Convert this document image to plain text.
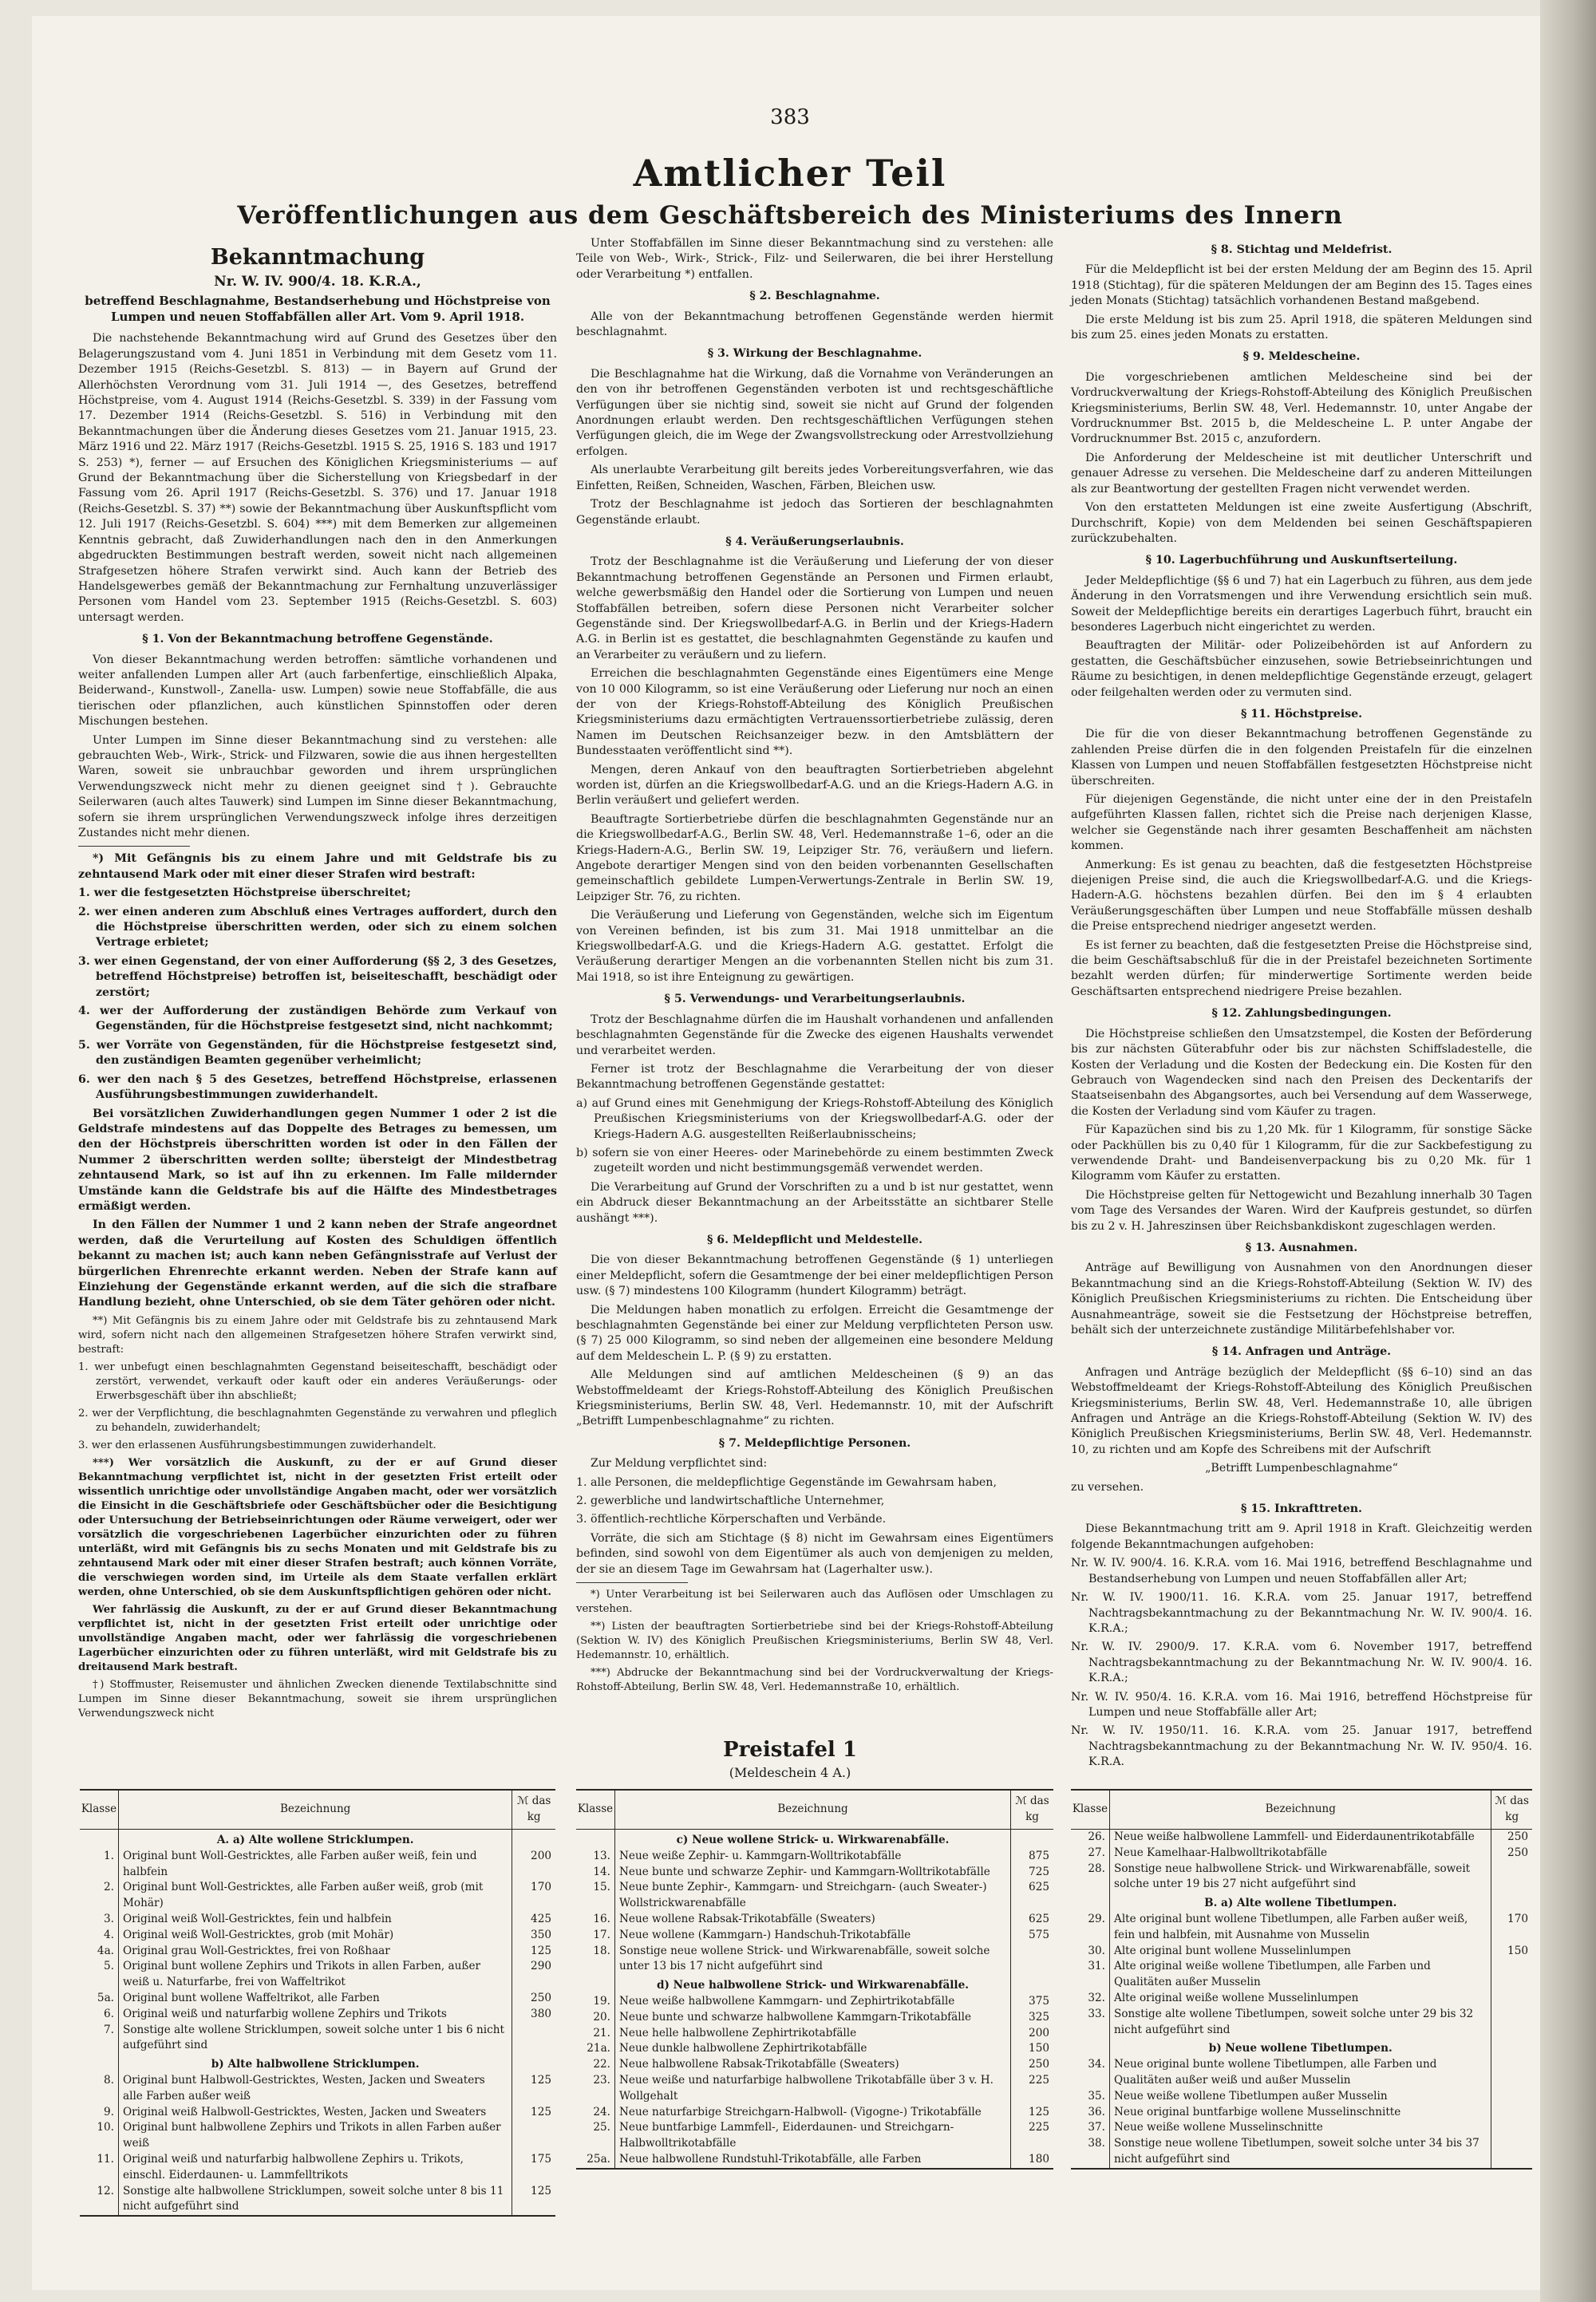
383
Amtlicher Teil
Veröffentlichungen aus dem Geschäftsbereich des Ministeriums des Innern
Bekanntmachung
Nr. W. IV. 900/4. 18. K.R.A.,
betreffend Beschlagnahme, Bestandserhebung und Höchstpreise von Lumpen und neuen Stoffabfällen aller Art. Vom 9. April 1918.

Die nachstehende Bekanntmachung wird auf Grund des Gesetzes über den Belagerungszustand vom 4. Juni 1851 in Verbindung mit dem Gesetz vom 11. Dezember 1915 (Reichs-Gesetzbl. S. 813) — in Bayern auf Grund der Allerhöchsten Verordnung vom 31. Juli 1914 —, des Gesetzes, betreffend Höchstpreise, vom 4. August 1914 (Reichs-Gesetzbl. S. 339) in der Fassung vom 17. Dezember 1914 (Reichs-Gesetzbl. S. 516) in Verbindung mit den Bekanntmachungen über die Änderung dieses Gesetzes vom 21. Januar 1915, 23. März 1916 und 22. März 1917 (Reichs-Gesetzbl. 1915 S. 25, 1916 S. 183 und 1917 S. 253) *), ferner — auf Ersuchen des Königlichen Kriegsministeriums — auf Grund der Bekanntmachung über die Sicherstellung von Kriegsbedarf in der Fassung vom 26. April 1917 (Reichs-Gesetzbl. S. 376) und 17. Januar 1918 (Reichs-Gesetzbl. S. 37) **) sowie der Bekanntmachung über Auskunftspflicht vom 12. Juli 1917 (Reichs-Gesetzbl. S. 604) ***) mit dem Bemerken zur allgemeinen Kenntnis gebracht, daß Zuwiderhandlungen nach den in den Anmerkungen abgedruckten Bestimmungen bestraft werden, soweit nicht nach allgemeinen Strafgesetzen höhere Strafen verwirkt sind. Auch kann der Betrieb des Handelsgewerbes gemäß der Bekanntmachung zur Fernhaltung unzuverlässiger Personen vom Handel vom 23. September 1915 (Reichs-Gesetzbl. S. 603) untersagt werden.

§ 1. Von der Bekanntmachung betroffene Gegenstände.

Von dieser Bekanntmachung werden betroffen: sämtliche vorhandenen und weiter anfallenden Lumpen aller Art (auch farbenfertige, einschließlich Alpaka, Beiderwand-, Kunstwoll-, Zanella- usw. Lumpen) sowie neue Stoffabfälle, die aus tierischen oder pflanzlichen, auch künstlichen Spinnstoffen oder deren Mischungen bestehen.

Unter Lumpen im Sinne dieser Bekanntmachung sind zu verstehen: alle gebrauchten Web-, Wirk-, Strick- und Filzwaren, sowie die aus ihnen hergestellten Waren, soweit sie unbrauchbar geworden und ihrem ursprünglichen Verwendungszweck nicht mehr zu dienen geeignet sind †). Gebrauchte Seilerwaren (auch altes Tauwerk) sind Lumpen im Sinne dieser Bekanntmachung, sofern sie ihrem ursprünglichen Verwendungszweck infolge ihres derzeitigen Zustandes nicht mehr dienen.

*) Mit Gefängnis bis zu einem Jahre und mit Geldstrafe bis zu zehntausend Mark oder mit einer dieser Strafen wird bestraft:

1. wer die festgesetzten Höchstpreise überschreitet;

2. wer einen anderen zum Abschluß eines Vertrages auffordert, durch den die Höchstpreise überschritten werden, oder sich zu einem solchen Vertrage erbietet;

3. wer einen Gegenstand, der von einer Aufforderung (§§ 2, 3 des Gesetzes, betreffend Höchstpreise) betroffen ist, beiseiteschafft, beschädigt oder zerstört;

4. wer der Aufforderung der zuständigen Behörde zum Verkauf von Gegenständen, für die Höchstpreise festgesetzt sind, nicht nachkommt;

5. wer Vorräte von Gegenständen, für die Höchstpreise festgesetzt sind, den zuständigen Beamten gegenüber verheimlicht;

6. wer den nach § 5 des Gesetzes, betreffend Höchstpreise, erlassenen Ausführungsbestimmungen zuwiderhandelt.

Bei vorsätzlichen Zuwiderhandlungen gegen Nummer 1 oder 2 ist die Geldstrafe mindestens auf das Doppelte des Betrages zu bemessen, um den der Höchstpreis überschritten worden ist oder in den Fällen der Nummer 2 überschritten werden sollte; übersteigt der Mindestbetrag zehntausend Mark, so ist auf ihn zu erkennen. Im Falle mildernder Umstände kann die Geldstrafe bis auf die Hälfte des Mindestbetrages ermäßigt werden.

In den Fällen der Nummer 1 und 2 kann neben der Strafe angeordnet werden, daß die Verurteilung auf Kosten des Schuldigen öffentlich bekannt zu machen ist; auch kann neben Gefängnisstrafe auf Verlust der bürgerlichen Ehrenrechte erkannt werden. Neben der Strafe kann auf Einziehung der Gegenstände erkannt werden, auf die sich die strafbare Handlung bezieht, ohne Unterschied, ob sie dem Täter gehören oder nicht.

**) Mit Gefängnis bis zu einem Jahre oder mit Geldstrafe bis zu zehntausend Mark wird, sofern nicht nach den allgemeinen Strafgesetzen höhere Strafen verwirkt sind, bestraft:

1. wer unbefugt einen beschlagnahmten Gegenstand beiseiteschafft, beschädigt oder zerstört, verwendet, verkauft oder kauft oder ein anderes Veräußerungs- oder Erwerbsgeschäft über ihn abschließt;

2. wer der Verpflichtung, die beschlagnahmten Gegenstände zu verwahren und pfleglich zu behandeln, zuwiderhandelt;

3. wer den erlassenen Ausführungsbestimmungen zuwiderhandelt.

***) Wer vorsätzlich die Auskunft, zu der er auf Grund dieser Bekanntmachung verpflichtet ist, nicht in der gesetzten Frist erteilt oder wissentlich unrichtige oder unvollständige Angaben macht, oder wer vorsätzlich die Einsicht in die Geschäftsbriefe oder Geschäftsbücher oder die Besichtigung oder Untersuchung der Betriebseinrichtungen oder Räume verweigert, oder wer vorsätzlich die vorgeschriebenen Lagerbücher einzurichten oder zu führen unterläßt, wird mit Gefängnis bis zu sechs Monaten und mit Geldstrafe bis zu zehntausend Mark oder mit einer dieser Strafen bestraft; auch können Vorräte, die verschwiegen worden sind, im Urteile als dem Staate verfallen erklärt werden, ohne Unterschied, ob sie dem Auskunftspflichtigen gehören oder nicht.

Wer fahrlässig die Auskunft, zu der er auf Grund dieser Bekanntmachung verpflichtet ist, nicht in der gesetzten Frist erteilt oder unrichtige oder unvollständige Angaben macht, oder wer fahrlässig die vorgeschriebenen Lagerbücher einzurichten oder zu führen unterläßt, wird mit Geldstrafe bis zu dreitausend Mark bestraft.

†) Stoffmuster, Reisemuster und ähnlichen Zwecken dienende Textilabschnitte sind Lumpen im Sinne dieser Bekanntmachung, soweit sie ihrem ursprünglichen Verwendungszweck nicht

Unter Stoffabfällen im Sinne dieser Bekanntmachung sind zu verstehen: alle Teile von Web-, Wirk-, Strick-, Filz- und Seilerwaren, die bei ihrer Herstellung oder Verarbeitung *) entfallen.

§ 2. Beschlagnahme.

Alle von der Bekanntmachung betroffenen Gegenstände werden hiermit beschlagnahmt.

§ 3. Wirkung der Beschlagnahme.

Die Beschlagnahme hat die Wirkung, daß die Vornahme von Veränderungen an den von ihr betroffenen Gegenständen verboten ist und rechtsgeschäftliche Verfügungen über sie nichtig sind, soweit sie nicht auf Grund der folgenden Anordnungen erlaubt werden. Den rechtsgeschäftlichen Verfügungen stehen Verfügungen gleich, die im Wege der Zwangsvollstreckung oder Arrestvollziehung erfolgen.

Als unerlaubte Verarbeitung gilt bereits jedes Vorbereitungsverfahren, wie das Einfetten, Reißen, Schneiden, Waschen, Färben, Bleichen usw.

Trotz der Beschlagnahme ist jedoch das Sortieren der beschlagnahmten Gegenstände erlaubt.

§ 4. Veräußerungserlaubnis.

Trotz der Beschlagnahme ist die Veräußerung und Lieferung der von dieser Bekanntmachung betroffenen Gegenstände an Personen und Firmen erlaubt, welche gewerbsmäßig den Handel oder die Sortierung von Lumpen und neuen Stoffabfällen betreiben, sofern diese Personen nicht Verarbeiter solcher Gegenstände sind. Der Kriegswollbedarf-A.G. in Berlin und der Kriegs-Hadern A.G. in Berlin ist es gestattet, die beschlagnahmten Gegenstände zu kaufen und an Verarbeiter zu veräußern und zu liefern.

Erreichen die beschlagnahmten Gegenstände eines Eigentümers eine Menge von 10 000 Kilogramm, so ist eine Veräußerung oder Lieferung nur noch an einen der von der Kriegs-Rohstoff-Abteilung des Königlich Preußischen Kriegsministeriums dazu ermächtigten Vertrauenssortierbetriebe zulässig, deren Namen im Deutschen Reichsanzeiger bezw. in den Amtsblättern der Bundesstaaten veröffentlicht sind **).

Mengen, deren Ankauf von den beauftragten Sortierbetrieben abgelehnt worden ist, dürfen an die Kriegswollbedarf-A.G. und an die Kriegs-Hadern A.G. in Berlin veräußert und geliefert werden.

Beauftragte Sortierbetriebe dürfen die beschlagnahmten Gegenstände nur an die Kriegswollbedarf-A.G., Berlin SW. 48, Verl. Hedemannstraße 1–6, oder an die Kriegs-Hadern-A.G., Berlin SW. 19, Leipziger Str. 76, veräußern und liefern. Angebote derartiger Mengen sind von den beiden vorbenannten Gesellschaften gemeinschaftlich gebildete Lumpen-Verwertungs-Zentrale in Berlin SW. 19, Leipziger Str. 76, zu richten.

Die Veräußerung und Lieferung von Gegenständen, welche sich im Eigentum von Vereinen befinden, ist bis zum 31. Mai 1918 unmittelbar an die Kriegswollbedarf-A.G. und die Kriegs-Hadern A.G. gestattet. Erfolgt die Veräußerung derartiger Mengen an die vorbenannten Stellen nicht bis zum 31. Mai 1918, so ist ihre Enteignung zu gewärtigen.

§ 5. Verwendungs- und Verarbeitungserlaubnis.

Trotz der Beschlagnahme dürfen die im Haushalt vorhandenen und anfallenden beschlagnahmten Gegenstände für die Zwecke des eigenen Haushalts verwendet und verarbeitet werden.

Ferner ist trotz der Beschlagnahme die Verarbeitung der von dieser Bekanntmachung betroffenen Gegenstände gestattet:

a) auf Grund eines mit Genehmigung der Kriegs-Rohstoff-Abteilung des Königlich Preußischen Kriegsministeriums von der Kriegswollbedarf-A.G. oder der Kriegs-Hadern A.G. ausgestellten Reißerlaubnisscheins;

b) sofern sie von einer Heeres- oder Marinebehörde zu einem bestimmten Zweck zugeteilt worden und nicht bestimmungsgemäß verwendet werden.

Die Verarbeitung auf Grund der Vorschriften zu a und b ist nur gestattet, wenn ein Abdruck dieser Bekanntmachung an der Arbeitsstätte an sichtbarer Stelle aushängt ***).

§ 6. Meldepflicht und Meldestelle.

Die von dieser Bekanntmachung betroffenen Gegenstände (§ 1) unterliegen einer Meldepflicht, sofern die Gesamtmenge der bei einer meldepflichtigen Person usw. (§ 7) mindestens 100 Kilogramm (hundert Kilogramm) beträgt.

Die Meldungen haben monatlich zu erfolgen. Erreicht die Gesamtmenge der beschlagnahmten Gegenstände bei einer zur Meldung verpflichteten Person usw. (§ 7) 25 000 Kilogramm, so sind neben der allgemeinen eine besondere Meldung auf dem Meldeschein L. P. (§ 9) zu erstatten.

Alle Meldungen sind auf amtlichen Meldescheinen (§ 9) an das Webstoffmeldeamt der Kriegs-Rohstoff-Abteilung des Königlich Preußischen Kriegsministeriums, Berlin SW. 48, Verl. Hedemannstr. 10, mit der Aufschrift „Betrifft Lumpenbeschlagnahme“ zu richten.

§ 7. Meldepflichtige Personen.

Zur Meldung verpflichtet sind:

1. alle Personen, die meldepflichtige Gegenstände im Gewahrsam haben,

2. gewerbliche und landwirtschaftliche Unternehmer,

3. öffentlich-rechtliche Körperschaften und Verbände.

Vorräte, die sich am Stichtage (§ 8) nicht im Gewahrsam eines Eigentümers befinden, sind sowohl von dem Eigentümer als auch von demjenigen zu melden, der sie an diesem Tage im Gewahrsam hat (Lagerhalter usw.).

*) Unter Verarbeitung ist bei Seilerwaren auch das Auflösen oder Umschlagen zu verstehen.

**) Listen der beauftragten Sortierbetriebe sind bei der Kriegs-Rohstoff-Abteilung (Sektion W. IV) des Königlich Preußischen Kriegsministeriums, Berlin SW 48, Verl. Hedemannstr. 10, erhältlich.

***) Abdrucke der Bekanntmachung sind bei der Vordruckverwaltung der Kriegs-Rohstoff-Abteilung, Berlin SW. 48, Verl. Hedemannstraße 10, erhältlich.

§ 8. Stichtag und Meldefrist.

Für die Meldepflicht ist bei der ersten Meldung der am Beginn des 15. April 1918 (Stichtag), für die späteren Meldungen der am Beginn des 15. Tages eines jeden Monats (Stichtag) tatsächlich vorhandenen Bestand maßgebend.

Die erste Meldung ist bis zum 25. April 1918, die späteren Meldungen sind bis zum 25. eines jeden Monats zu erstatten.

§ 9. Meldescheine.

Die vorgeschriebenen amtlichen Meldescheine sind bei der Vordruckverwaltung der Kriegs-Rohstoff-Abteilung des Königlich Preußischen Kriegsministeriums, Berlin SW. 48, Verl. Hedemannstr. 10, unter Angabe der Vordrucknummer Bst. 2015 b, die Meldescheine L. P. unter Angabe der Vordrucknummer Bst. 2015 c, anzufordern.

Die Anforderung der Meldescheine ist mit deutlicher Unterschrift und genauer Adresse zu versehen. Die Meldescheine darf zu anderen Mitteilungen als zur Beantwortung der gestellten Fragen nicht verwendet werden.

Von den erstatteten Meldungen ist eine zweite Ausfertigung (Abschrift, Durchschrift, Kopie) von dem Meldenden bei seinen Geschäftspapieren zurückzubehalten.

§ 10. Lagerbuchführung und Auskunftserteilung.

Jeder Meldepflichtige (§§ 6 und 7) hat ein Lagerbuch zu führen, aus dem jede Änderung in den Vorratsmengen und ihre Verwendung ersichtlich sein muß. Soweit der Meldepflichtige bereits ein derartiges Lagerbuch führt, braucht ein besonderes Lagerbuch nicht eingerichtet zu werden.

Beauftragten der Militär- oder Polizeibehörden ist auf Anfordern zu gestatten, die Geschäftsbücher einzusehen, sowie Betriebseinrichtungen und Räume zu besichtigen, in denen meldepflichtige Gegenstände erzeugt, gelagert oder feilgehalten werden oder zu vermuten sind.

§ 11. Höchstpreise.

Die für die von dieser Bekanntmachung betroffenen Gegenstände zu zahlenden Preise dürfen die in den folgenden Preistafeln für die einzelnen Klassen von Lumpen und neuen Stoffabfällen festgesetzten Höchstpreise nicht überschreiten.

Für diejenigen Gegenstände, die nicht unter eine der in den Preistafeln aufgeführten Klassen fallen, richtet sich die Preise nach derjenigen Klasse, welcher sie Gegenstände nach ihrer gesamten Beschaffenheit am nächsten kommen.

Anmerkung: Es ist genau zu beachten, daß die festgesetzten Höchstpreise diejenigen Preise sind, die auch die Kriegswollbedarf-A.G. und die Kriegs-Hadern-A.G. höchstens bezahlen dürfen. Bei den im § 4 erlaubten Veräußerungsgeschäften über Lumpen und neue Stoffabfälle müssen deshalb die Preise entsprechend niedriger angesetzt werden.

Es ist ferner zu beachten, daß die festgesetzten Preise die Höchstpreise sind, die beim Geschäftsabschluß für die in der Preistafel bezeichneten Sortimente bezahlt werden dürfen; für minderwertige Sortimente werden beide Geschäftsarten entsprechend niedrigere Preise bezahlen.

§ 12. Zahlungsbedingungen.

Die Höchstpreise schließen den Umsatzstempel, die Kosten der Beförderung bis zur nächsten Güterabfuhr oder bis zur nächsten Schiffsladestelle, die Kosten der Verladung und die Kosten der Bedeckung ein. Die Kosten für den Gebrauch von Wagendecken sind nach den Preisen des Deckentarifs der Staatseisenbahn des Abgangsortes, auch bei Versendung auf dem Wasserwege, die Kosten der Verladung sind vom Käufer zu tragen.

Für Kapazüchen sind bis zu 1,20 Mk. für 1 Kilogramm, für sonstige Säcke oder Packhüllen bis zu 0,40 für 1 Kilogramm, für die zur Sackbefestigung zu verwendende Draht- und Bandeisenverpackung bis zu 0,20 Mk. für 1 Kilogramm vom Käufer zu erstatten.

Die Höchstpreise gelten für Nettogewicht und Bezahlung innerhalb 30 Tagen vom Tage des Versandes der Waren. Wird der Kaufpreis gestundet, so dürfen bis zu 2 v. H. Jahreszinsen über Reichsbankdiskont zugeschlagen werden.

§ 13. Ausnahmen.

Anträge auf Bewilligung von Ausnahmen von den Anordnungen dieser Bekanntmachung sind an die Kriegs-Rohstoff-Abteilung (Sektion W. IV) des Königlich Preußischen Kriegsministeriums zu richten. Die Entscheidung über Ausnahmeanträge, soweit sie die Festsetzung der Höchstpreise betreffen, behält sich der unterzeichnete zuständige Militärbefehlshaber vor.

§ 14. Anfragen und Anträge.

Anfragen und Anträge bezüglich der Meldepflicht (§§ 6–10) sind an das Webstoffmeldeamt der Kriegs-Rohstoff-Abteilung des Königlich Preußischen Kriegsministeriums, Berlin SW. 48, Verl. Hedemannstraße 10, alle übrigen Anfragen und Anträge an die Kriegs-Rohstoff-Abteilung (Sektion W. IV) des Königlich Preußischen Kriegsministeriums, Berlin SW. 48, Verl. Hedemannstr. 10, zu richten und am Kopfe des Schreibens mit der Aufschrift

„Betrifft Lumpenbeschlagnahme“

zu versehen.

§ 15. Inkrafttreten.

Diese Bekanntmachung tritt am 9. April 1918 in Kraft. Gleichzeitig werden folgende Bekanntmachungen aufgehoben:

Nr. W. IV. 900/4. 16. K.R.A. vom 16. Mai 1916, betreffend Beschlagnahme und Bestandserhebung von Lumpen und neuen Stoffabfällen aller Art;

Nr. W. IV. 1900/11. 16. K.R.A. vom 25. Januar 1917, betreffend Nachtragsbekanntmachung zu der Bekanntmachung Nr. W. IV. 900/4. 16. K.R.A.;

Nr. W. IV. 2900/9. 17. K.R.A. vom 6. November 1917, betreffend Nachtragsbekanntmachung zu der Bekanntmachung Nr. W. IV. 900/4. 16. K.R.A.;

Nr. W. IV. 950/4. 16. K.R.A. vom 16. Mai 1916, betreffend Höchstpreise für Lumpen und neue Stoffabfälle aller Art;

Nr. W. IV. 1950/11. 16. K.R.A. vom 25. Januar 1917, betreffend Nachtragsbekanntmachung zu der Bekanntmachung Nr. W. IV. 950/4. 16. K.R.A.

Preistafel 1
(Meldeschein 4 A.)
Klasse	Bezeichnung	ℳ das kg
	A. a) Alte wollene Stricklumpen.	
1.	Original bunt Woll-Gestricktes, alle Farben außer weiß, fein und halbfein	200
2.	Original bunt Woll-Gestricktes, alle Farben außer weiß, grob (mit Mohär)	170
3.	Original weiß Woll-Gestricktes, fein und halbfein	425
4.	Original weiß Woll-Gestricktes, grob (mit Mohär)	350
4a.	Original grau Woll-Gestricktes, frei von Roßhaar	125
5.	Original bunt wollene Zephirs und Trikots in allen Farben, außer weiß u. Naturfarbe, frei von Waffeltrikot	290
5a.	Original bunt wollene Waffeltrikot, alle Farben	250
6.	Original weiß und naturfarbig wollene Zephirs und Trikots	380
7.	Sonstige alte wollene Stricklumpen, soweit solche unter 1 bis 6 nicht aufgeführt sind	
	b) Alte halbwollene Stricklumpen.	
8.	Original bunt Halbwoll-Gestricktes, Westen, Jacken und Sweaters alle Farben außer weiß	125
9.	Original weiß Halbwoll-Gestricktes, Westen, Jacken und Sweaters	125
10.	Original bunt halbwollene Zephirs und Trikots in allen Farben außer weiß	
11.	Original weiß und naturfarbig halbwollene Zephirs u. Trikots, einschl. Eiderdaunen- u. Lammfelltrikots	175
12.	Sonstige alte halbwollene Stricklumpen, soweit solche unter 8 bis 11 nicht aufgeführt sind	125
Klasse	Bezeichnung	ℳ das kg
	c) Neue wollene Strick- u. Wirkwarenabfälle.	
13.	Neue weiße Zephir- u. Kammgarn-Wolltrikotabfälle	875
14.	Neue bunte und schwarze Zephir- und Kammgarn-Wolltrikotabfälle	725
15.	Neue bunte Zephir-, Kammgarn- und Streichgarn- (auch Sweater-) Wollstrickwarenabfälle	625
16.	Neue wollene Rabsak-Trikotabfälle (Sweaters)	625
17.	Neue wollene (Kammgarn-) Handschuh-Trikotabfälle	575
18.	Sonstige neue wollene Strick- und Wirkwarenabfälle, soweit solche unter 13 bis 17 nicht aufgeführt sind	
	d) Neue halbwollene Strick- und Wirkwarenabfälle.	
19.	Neue weiße halbwollene Kammgarn- und Zephirtrikotabfälle	375
20.	Neue bunte und schwarze halbwollene Kammgarn-Trikotabfälle	325
21.	Neue helle halbwollene Zephirtrikotabfälle	200
21a.	Neue dunkle halbwollene Zephirtrikotabfälle	150
22.	Neue halbwollene Rabsak-Trikotabfälle (Sweaters)	250
23.	Neue weiße und naturfarbige halbwollene Trikotabfälle über 3 v. H. Wollgehalt	225
24.	Neue naturfarbige Streichgarn-Halbwoll- (Vigogne-) Trikotabfälle	125
25.	Neue buntfarbige Lammfell-, Eiderdaunen- und Streichgarn-Halbwolltrikotabfälle	225
25a.	Neue halbwollene Rundstuhl-Trikotabfälle, alle Farben	180
Klasse	Bezeichnung	ℳ das kg
26.	Neue weiße halbwollene Lammfell- und Eiderdaunentrikotabfälle	250
27.	Neue Kamelhaar-Halbwolltrikotabfälle	250
28.	Sonstige neue halbwollene Strick- und Wirkwarenabfälle, soweit solche unter 19 bis 27 nicht aufgeführt sind	
	B. a) Alte wollene Tibetlumpen.	
29.	Alte original bunt wollene Tibetlumpen, alle Farben außer weiß, fein und halbfein, mit Ausnahme von Musselin	170
30.	Alte original bunt wollene Musselinlumpen	150
31.	Alte original weiße wollene Tibetlumpen, alle Farben und Qualitäten außer Musselin	
32.	Alte original weiße wollene Musselinlumpen	
33.	Sonstige alte wollene Tibetlumpen, soweit solche unter 29 bis 32 nicht aufgeführt sind	
	b) Neue wollene Tibetlumpen.	
34.	Neue original bunte wollene Tibetlumpen, alle Farben und Qualitäten außer weiß und außer Musselin	
35.	Neue weiße wollene Tibetlumpen außer Musselin	
36.	Neue original buntfarbige wollene Musselinschnitte	
37.	Neue weiße wollene Musselinschnitte	
38.	Sonstige neue wollene Tibetlumpen, soweit solche unter 34 bis 37 nicht aufgeführt sind	
